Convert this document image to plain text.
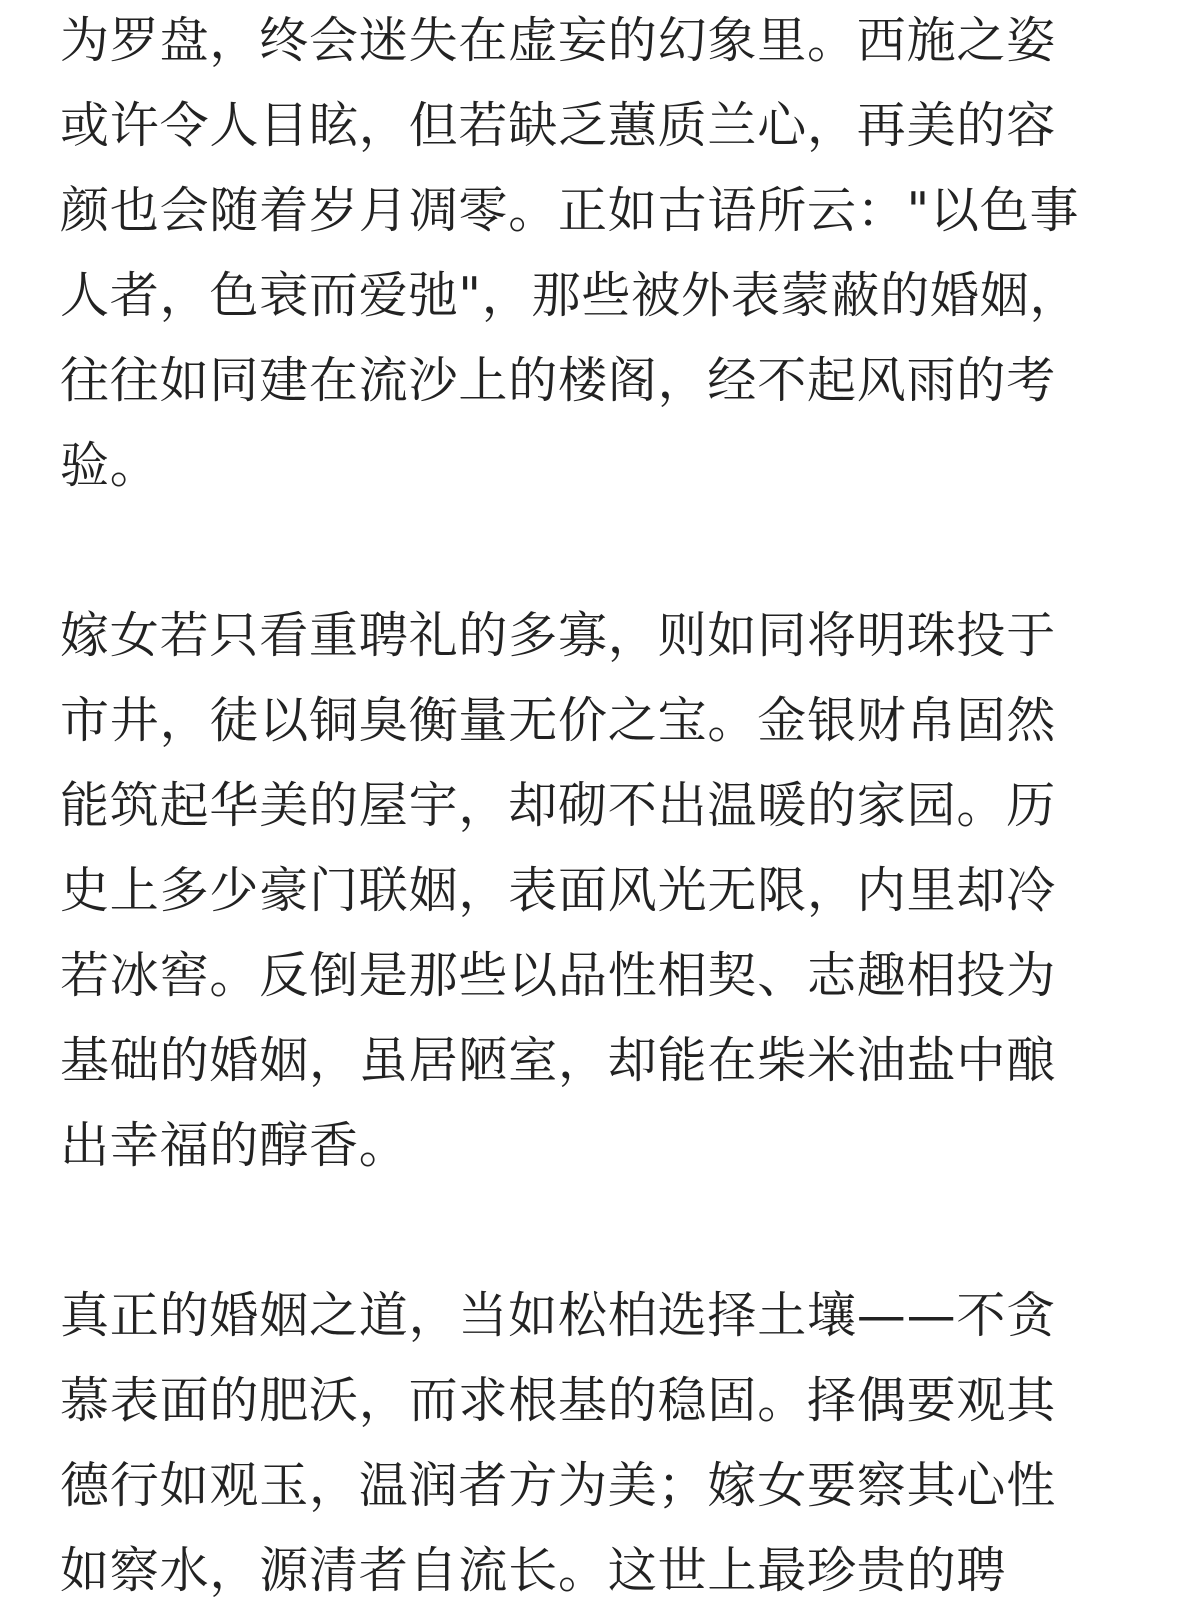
为罗盘，终会迷失在虚妄的幻象里。西施之姿
或许令人目眩，但若缺乏蕙质兰心，再美的容
颜也会随着岁月凋零。正如古语所云："以色事
人者，色衰而爱弛"，那些被外表蒙蔽的婚姻，
往往如同建在流沙上的楼阁，经不起风雨的考
验。
嫁女若只看重聘礼的多寡，则如同将明珠投于
市井，徒以铜臭衡量无价之宝。金银财帛固然
能筑起华美的屋宇，却砌不出温暖的家园。历
史上多少豪门联姻，表面风光无限，内里却冷
若冰窖。反倒是那些以品性相契、志趣相投为
基础的婚姻，虽居陋室，却能在柴米油盐中酿
出幸福的醇香。
真正的婚姻之道，当如松柏选择土壤——不贪
慕表面的肥沃，而求根基的稳固。择偶要观其
德行如观玉，温润者方为美；嫁女要察其心性
如察水，源清者自流长。这世上最珍贵的聘
